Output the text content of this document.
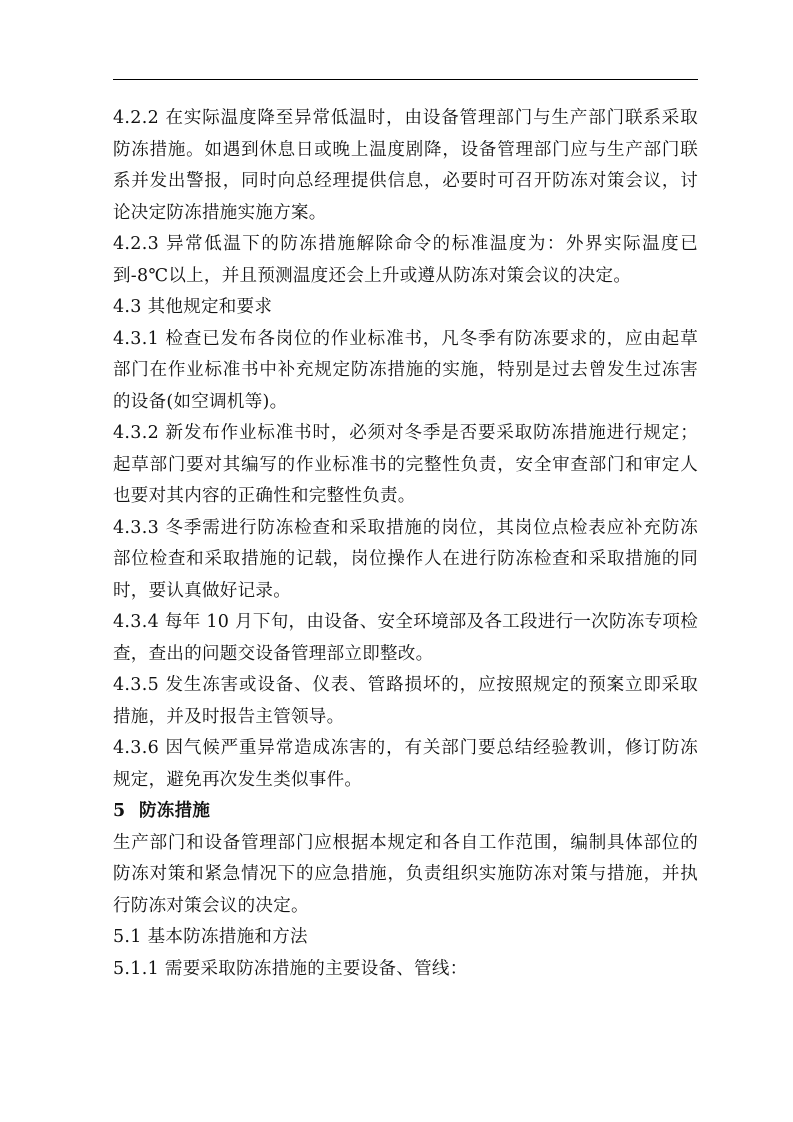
4.2.2 在实际温度降至异常低温时，由设备管理部门与生产部门联系采取防冻措施。如遇到休息日或晚上温度剧降，设备管理部门应与生产部门联系并发出警报，同时向总经理提供信息，必要时可召开防冻对策会议，讨论决定防冻措施实施方案。

4.2.3 异常低温下的防冻措施解除命令的标准温度为：外界实际温度已到-8℃以上，并且预测温度还会上升或遵从防冻对策会议的决定。

4.3 其他规定和要求

4.3.1 检查已发布各岗位的作业标准书，凡冬季有防冻要求的，应由起草部门在作业标准书中补充规定防冻措施的实施，特别是过去曾发生过冻害的设备(如空调机等)。

4.3.2 新发布作业标准书时，必须对冬季是否要采取防冻措施进行规定；起草部门要对其编写的作业标准书的完整性负责，安全审查部门和审定人也要对其内容的正确性和完整性负责。

4.3.3 冬季需进行防冻检查和采取措施的岗位，其岗位点检表应补充防冻部位检查和采取措施的记载，岗位操作人在进行防冻检查和采取措施的同时，要认真做好记录。

4.3.4 每年 10 月下旬，由设备、安全环境部及各工段进行一次防冻专项检查，查出的问题交设备管理部立即整改。

4.3.5 发生冻害或设备、仪表、管路损坏的，应按照规定的预案立即采取措施，并及时报告主管领导。

4.3.6 因气候严重异常造成冻害的，有关部门要总结经验教训，修订防冻规定，避免再次发生类似事件。

5 防冻措施

生产部门和设备管理部门应根据本规定和各自工作范围，编制具体部位的防冻对策和紧急情况下的应急措施，负责组织实施防冻对策与措施，并执行防冻对策会议的决定。

5.1 基本防冻措施和方法

5.1.1 需要采取防冻措施的主要设备、管线：
